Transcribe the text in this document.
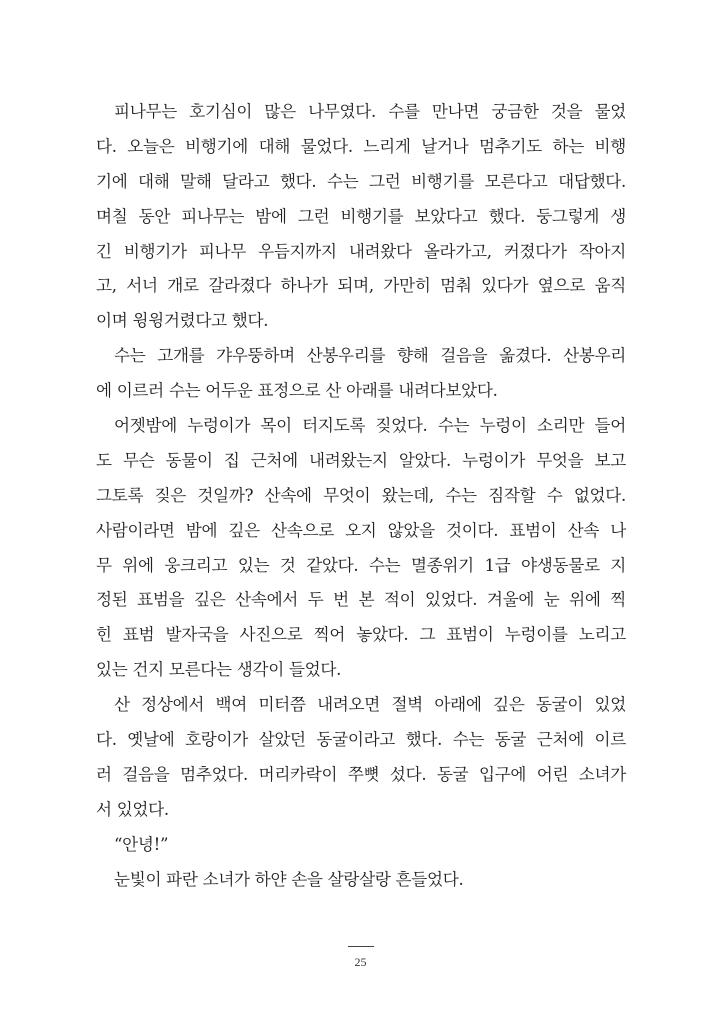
피나무는 호기심이 많은 나무였다. 수를 만나면 궁금한 것을 물었
다. 오늘은 비행기에 대해 물었다. 느리게 날거나 멈추기도 하는 비행
기에 대해 말해 달라고 했다. 수는 그런 비행기를 모른다고 대답했다.
며칠 동안 피나무는 밤에 그런 비행기를 보았다고 했다. 둥그렇게 생
긴 비행기가 피나무 우듬지까지 내려왔다 올라가고, 커졌다가 작아지
고, 서너 개로 갈라졌다 하나가 되며, 가만히 멈춰 있다가 옆으로 움직
이며 윙윙거렸다고 했다.
수는 고개를 갸우뚱하며 산봉우리를 향해 걸음을 옮겼다. 산봉우리
에 이르러 수는 어두운 표정으로 산 아래를 내려다보았다.
어젯밤에 누렁이가 목이 터지도록 짖었다. 수는 누렁이 소리만 들어
도 무슨 동물이 집 근처에 내려왔는지 알았다. 누렁이가 무엇을 보고
그토록 짖은 것일까? 산속에 무엇이 왔는데, 수는 짐작할 수 없었다.
사람이라면 밤에 깊은 산속으로 오지 않았을 것이다. 표범이 산속 나
무 위에 웅크리고 있는 것 같았다. 수는 멸종위기 1급 야생동물로 지
정된 표범을 깊은 산속에서 두 번 본 적이 있었다. 겨울에 눈 위에 찍
힌 표범 발자국을 사진으로 찍어 놓았다. 그 표범이 누렁이를 노리고
있는 건지 모른다는 생각이 들었다.
산 정상에서 백여 미터쯤 내려오면 절벽 아래에 깊은 동굴이 있었
다. 옛날에 호랑이가 살았던 동굴이라고 했다. 수는 동굴 근처에 이르
러 걸음을 멈추었다. 머리카락이 쭈뼛 섰다. 동굴 입구에 어린 소녀가
서 있었다.
“안녕!”
눈빛이 파란 소녀가 하얀 손을 살랑살랑 흔들었다.
25
